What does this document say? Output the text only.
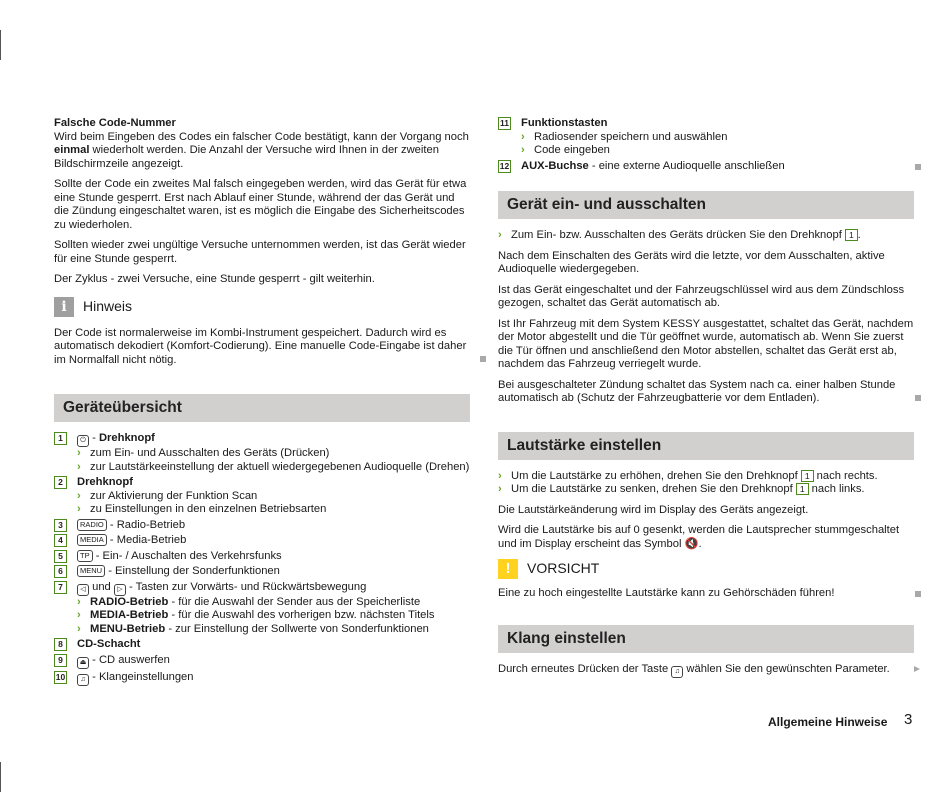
Falsche Code-Nummer

Wird beim Eingeben des Codes ein falscher Code bestätigt, kann der Vorgang noch einmal wiederholt werden. Die Anzahl der Versuche wird Ihnen in der zweiten Bildschirmzeile angezeigt.

Sollte der Code ein zweites Mal falsch eingegeben werden, wird das Gerät für etwa eine Stunde gesperrt. Erst nach Ablauf einer Stunde, während der das Gerät und die Zündung eingeschaltet waren, ist es möglich die Eingabe des Sicherheitscodes zu wiederholen.

Sollten wieder zwei ungültige Versuche unternommen werden, ist das Gerät wieder für eine Stunde gesperrt.

Der Zyklus - zwei Versuche, eine Stunde gesperrt - gilt weiterhin.

i	Hinweis

Der Code ist normalerweise im Kombi-Instrument gespeichert. Dadurch wird es automatisch dekodiert (Komfort-Codierung). Eine manuelle Code-Eingabe ist daher im Normalfall nicht nötig.

Geräteübersicht
1	⏻ - Drehknopf
› zum Ein- und Ausschalten des Geräts (Drücken)
› zur Lautstärkeeinstellung der aktuell wiedergegebenen Audioquelle (Drehen)
2	Drehknopf
› zur Aktivierung der Funktion Scan
› zu Einstellungen in den einzelnen Betriebsarten
3	RADIO - Radio-Betrieb
4	MEDIA - Media-Betrieb
5	TP - Ein- / Auschalten des Verkehrsfunks
6	MENU - Einstellung der Sonderfunktionen
7	◁ und ▷ - Tasten zur Vorwärts- und Rückwärtsbewegung
› RADIO-Betrieb - für die Auswahl der Sender aus der Speicherliste
› MEDIA-Betrieb - für die Auswahl des vorherigen bzw. nächsten Titels
› MENU-Betrieb - zur Einstellung der Sollwerte von Sonderfunktionen
8	CD-Schacht
9	⏏ - CD auswerfen
10 ♫ - Klangeinstellungen
11 Funktionstasten
› Radiosender speichern und auswählen
› Code eingeben
12 AUX-Buchse - eine externe Audioquelle anschließen
Gerät ein- und ausschalten

› Zum Ein- bzw. Ausschalten des Geräts drücken Sie den Drehknopf 1 .

Nach dem Einschalten des Geräts wird die letzte, vor dem Ausschalten, aktive Audioquelle wiedergegeben.

Ist das Gerät eingeschaltet und der Fahrzeugschlüssel wird aus dem Zündschloss gezogen, schaltet das Gerät automatisch ab.

Ist Ihr Fahrzeug mit dem System KESSY ausgestattet, schaltet das Gerät, nachdem der Motor abgestellt und die Tür geöffnet wurde, automatisch ab. Wenn Sie zuerst die Tür öffnen und anschließend den Motor abstellen, schaltet das Gerät erst ab, nachdem das Fahrzeug verriegelt wurde.

Bei ausgeschalteter Zündung schaltet das System nach ca. einer halben Stunde automatisch ab (Schutz der Fahrzeugbatterie vor dem Entladen).

Lautstärke einstellen
› Um die Lautstärke zu erhöhen, drehen Sie den Drehknopf 1 nach rechts.

› Um die Lautstärke zu senken, drehen Sie den Drehknopf 1 nach links.

Die Lautstärkeänderung wird im Display des Geräts angezeigt.

Wird die Lautstärke bis auf 0 gesenkt, werden die Lautsprecher stummgeschaltet und im Display erscheint das Symbol 🔇.

!	VORSICHT

Eine zu hoch eingestellte Lautstärke kann zu Gehörschäden führen!

Klang einstellen

Durch erneutes Drücken der Taste ♫ wählen Sie den gewünschten Parameter.

Allgemeine Hinweise 3
